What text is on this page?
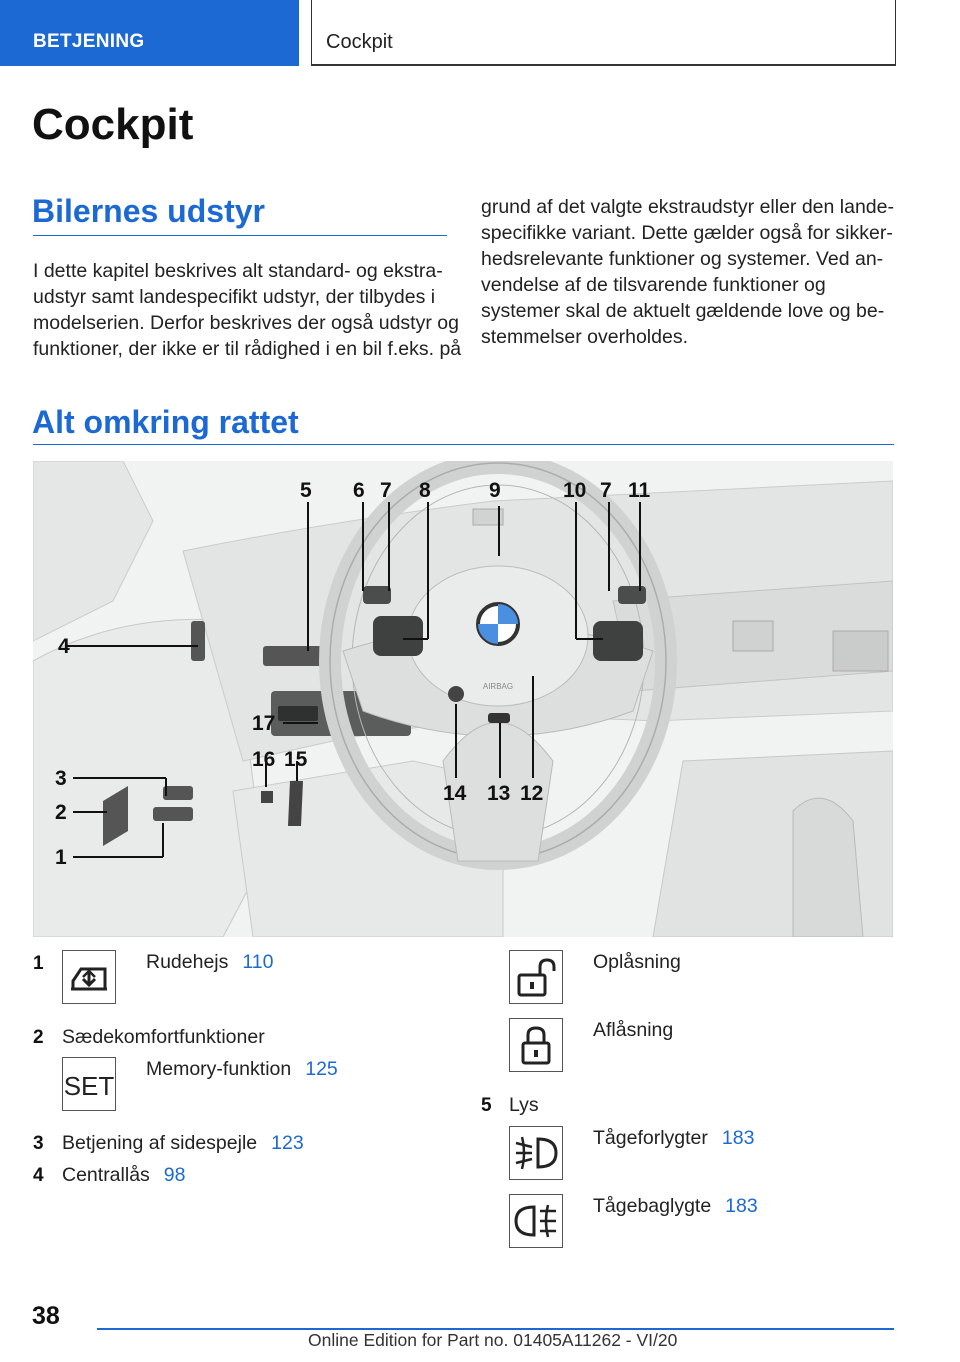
BETJENING	Cockpit
Cockpit
Bilernes udstyr
I dette kapitel beskrives alt standard- og ekstra-
udstyr samt landespecifikt udstyr, der tilbydes i
modelserien. Derfor beskrives der også udstyr og
funktioner, der ikke er til rådighed i en bil f.eks. på
grund af det valgte ekstraudstyr eller den lande-
specifikke variant. Dette gælder også for sikker-
hedsrelevante funktioner og systemer. Ved an-
vendelse af de tilsvarende funktioner og
systemer skal de aktuelt gældende love og be-
stemmelser overholdes.
Alt omkring rattet
AIRBAG
4
3
2
1
5 6 7 8	9	10 7 11
12
13
14
15
16
17
1	Rudehejs 110
2 Sædekomfortfunktioner
SET
Memory-funktion 125
3 Betjening af sidespejle 123
4 Centrallås 98
Oplåsning
Aflåsning
5 Lys
Tågeforlygter 183
Tågebaglygte 183
38
Online Edition for Part no. 01405A11262 - VI/20
